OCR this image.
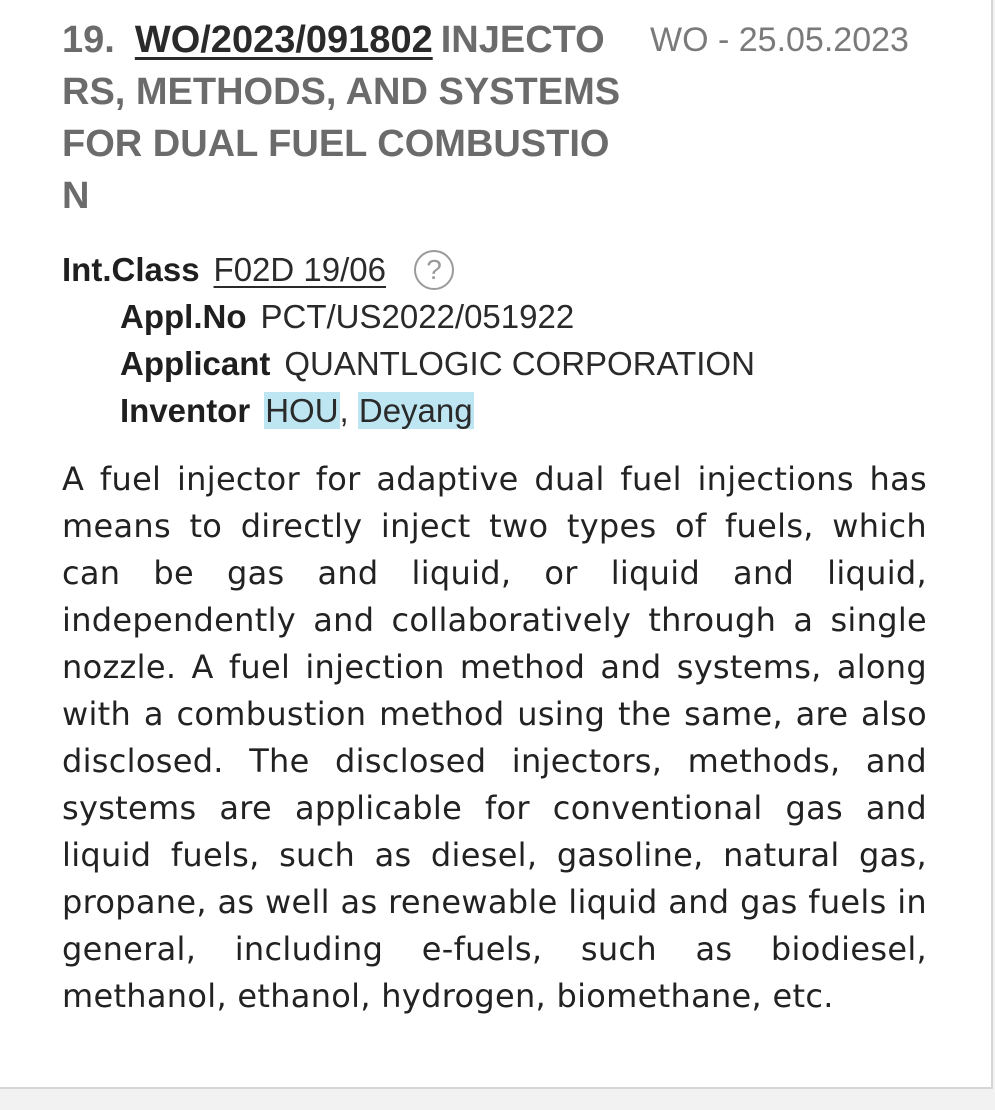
19. WO/2023/091802 INJECTORS, METHODS, AND SYSTEMS FOR DUAL FUEL COMBUSTION
WO - 25.05.2023
Int.Class F02D 19/06 ?
Appl.No PCT/US2022/051922
Applicant QUANTLOGIC CORPORATION
Inventor HOU, Deyang

A fuel injector for adaptive dual fuel injections has means to directly inject two types of fuels, which can be gas and liquid, or liquid and liquid, independently and collaboratively through a single nozzle. A fuel injection method and systems, along with a combustion method using the same, are also disclosed. The disclosed injectors, methods, and systems are applicable for conventional gas and liquid fuels, such as diesel, gasoline, natural gas, propane, as well as renewable liquid and gas fuels in general, including e-fuels, such as biodiesel, methanol, ethanol, hydrogen, biomethane, etc.
